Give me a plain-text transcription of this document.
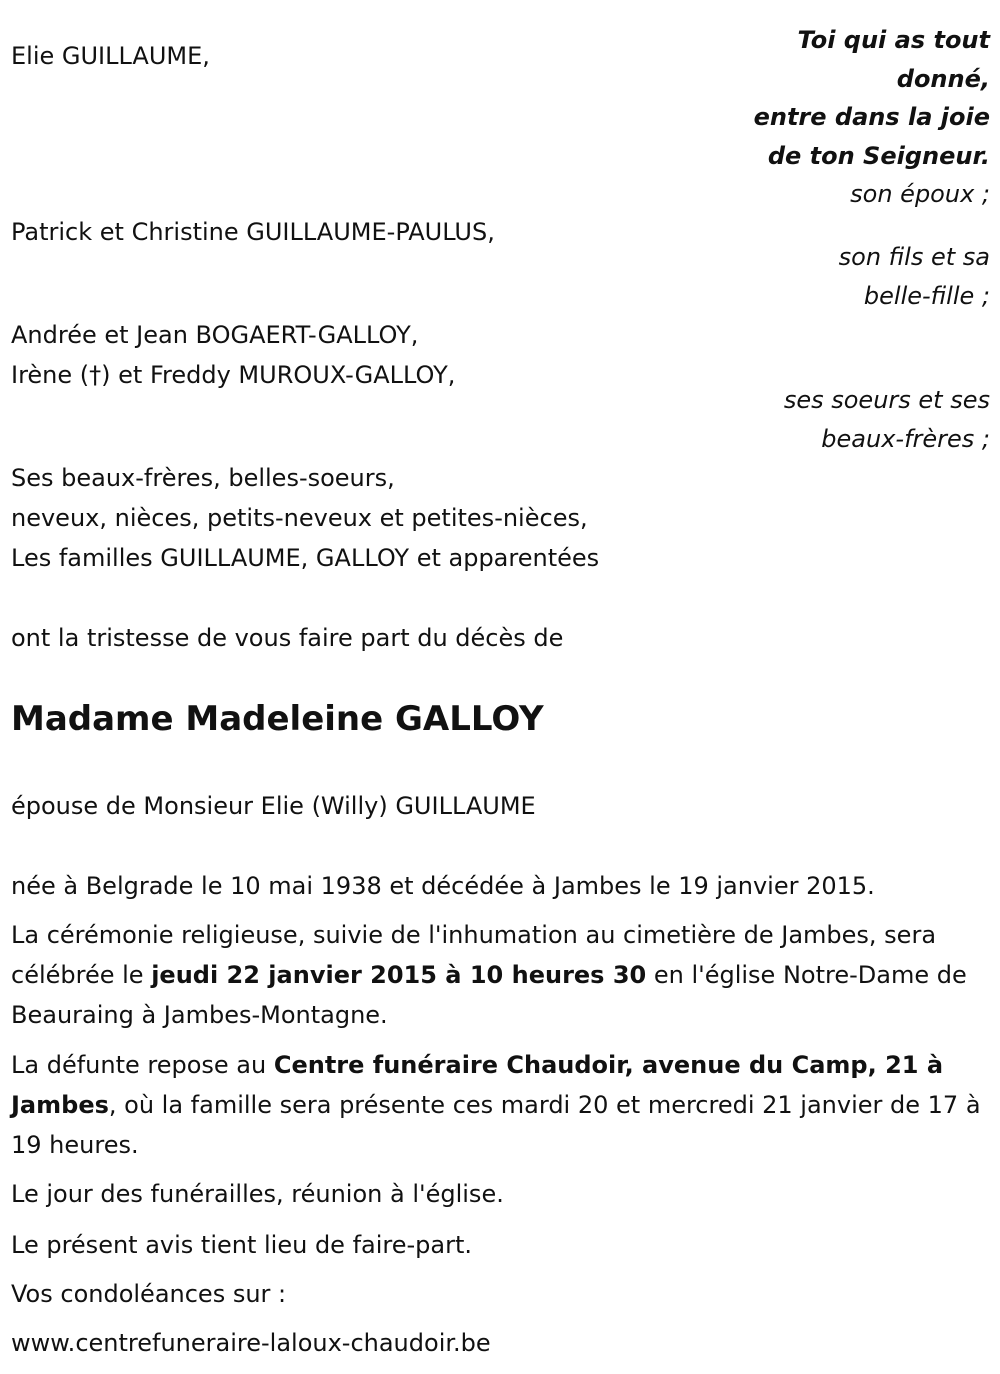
Toi qui as tout
donné,
entre dans la joie
de ton Seigneur.
Elie GUILLAUME,
son époux ;
Patrick et Christine GUILLAUME-PAULUS,
son fils et sa
belle-fille ;
Andrée et Jean BOGAERT-GALLOY,
Irène (†) et Freddy MUROUX-GALLOY,
ses soeurs et ses
beaux-frères ;
Ses beaux-frères, belles-soeurs,
neveux, nièces, petits-neveux et petites-nièces,
Les familles GUILLAUME, GALLOY et apparentées
ont la tristesse de vous faire part du décès de
Madame Madeleine GALLOY
épouse de Monsieur Elie (Willy) GUILLAUME
née à Belgrade le 10 mai 1938 et décédée à Jambes le 19 janvier 2015.
La cérémonie religieuse, suivie de l'inhumation au cimetière de Jambes, sera célébrée le jeudi 22 janvier 2015 à 10 heures 30 en l'église Notre-Dame de Beauraing à Jambes-Montagne.
La défunte repose au Centre funéraire Chaudoir, avenue du Camp, 21 à Jambes, où la famille sera présente ces mardi 20 et mercredi 21 janvier de 17 à 19 heures.
Le jour des funérailles, réunion à l'église.
Le présent avis tient lieu de faire-part.
Vos condoléances sur :
www.centrefuneraire-laloux-chaudoir.be
